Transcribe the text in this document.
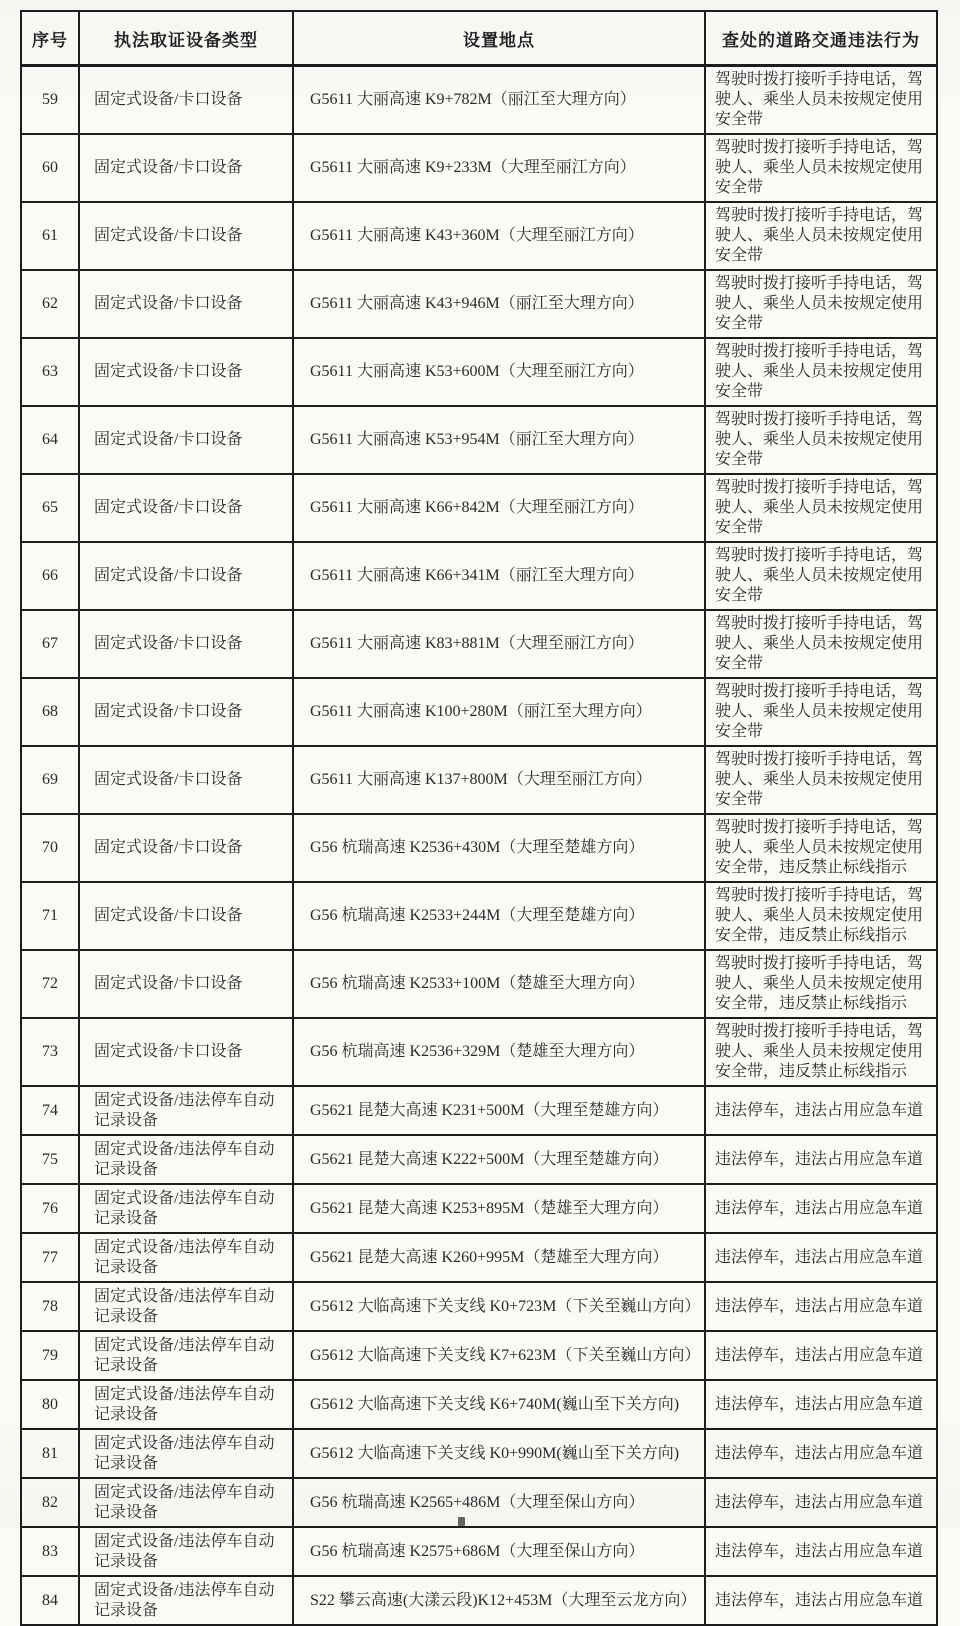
序号	执法取证设备类型	设置地点	查处的道路交通违法行为
59	固定式设备/卡口设备	G5611 大丽高速 K9+782M（丽江至大理方向）	驾驶时拨打接听手持电话，驾驶人、乘坐人员未按规定使用安全带
60	固定式设备/卡口设备	G5611 大丽高速 K9+233M（大理至丽江方向）	驾驶时拨打接听手持电话，驾驶人、乘坐人员未按规定使用安全带
61	固定式设备/卡口设备	G5611 大丽高速 K43+360M（大理至丽江方向）	驾驶时拨打接听手持电话，驾驶人、乘坐人员未按规定使用安全带
62	固定式设备/卡口设备	G5611 大丽高速 K43+946M（丽江至大理方向）	驾驶时拨打接听手持电话，驾驶人、乘坐人员未按规定使用安全带
63	固定式设备/卡口设备	G5611 大丽高速 K53+600M（大理至丽江方向）	驾驶时拨打接听手持电话，驾驶人、乘坐人员未按规定使用安全带
64	固定式设备/卡口设备	G5611 大丽高速 K53+954M（丽江至大理方向）	驾驶时拨打接听手持电话，驾驶人、乘坐人员未按规定使用安全带
65	固定式设备/卡口设备	G5611 大丽高速 K66+842M（大理至丽江方向）	驾驶时拨打接听手持电话，驾驶人、乘坐人员未按规定使用安全带
66	固定式设备/卡口设备	G5611 大丽高速 K66+341M（丽江至大理方向）	驾驶时拨打接听手持电话，驾驶人、乘坐人员未按规定使用安全带
67	固定式设备/卡口设备	G5611 大丽高速 K83+881M（大理至丽江方向）	驾驶时拨打接听手持电话，驾驶人、乘坐人员未按规定使用安全带
68	固定式设备/卡口设备	G5611 大丽高速 K100+280M（丽江至大理方向）	驾驶时拨打接听手持电话，驾驶人、乘坐人员未按规定使用安全带
69	固定式设备/卡口设备	G5611 大丽高速 K137+800M（大理至丽江方向）	驾驶时拨打接听手持电话，驾驶人、乘坐人员未按规定使用安全带
70	固定式设备/卡口设备	G56 杭瑞高速 K2536+430M（大理至楚雄方向）	驾驶时拨打接听手持电话，驾驶人、乘坐人员未按规定使用安全带，违反禁止标线指示
71	固定式设备/卡口设备	G56 杭瑞高速 K2533+244M（大理至楚雄方向）	驾驶时拨打接听手持电话，驾驶人、乘坐人员未按规定使用安全带，违反禁止标线指示
72	固定式设备/卡口设备	G56 杭瑞高速 K2533+100M（楚雄至大理方向）	驾驶时拨打接听手持电话，驾驶人、乘坐人员未按规定使用安全带，违反禁止标线指示
73	固定式设备/卡口设备	G56 杭瑞高速 K2536+329M（楚雄至大理方向）	驾驶时拨打接听手持电话，驾驶人、乘坐人员未按规定使用安全带，违反禁止标线指示
74	固定式设备/违法停车自动记录设备	G5621 昆楚大高速 K231+500M（大理至楚雄方向）	违法停车，违法占用应急车道
75	固定式设备/违法停车自动记录设备	G5621 昆楚大高速 K222+500M（大理至楚雄方向）	违法停车，违法占用应急车道
76	固定式设备/违法停车自动记录设备	G5621 昆楚大高速 K253+895M（楚雄至大理方向）	违法停车，违法占用应急车道
77	固定式设备/违法停车自动记录设备	G5621 昆楚大高速 K260+995M（楚雄至大理方向）	违法停车，违法占用应急车道
78	固定式设备/违法停车自动记录设备	G5612 大临高速下关支线 K0+723M（下关至巍山方向）	违法停车，违法占用应急车道
79	固定式设备/违法停车自动记录设备	G5612 大临高速下关支线 K7+623M（下关至巍山方向）	违法停车，违法占用应急车道
80	固定式设备/违法停车自动记录设备	G5612 大临高速下关支线 K6+740M(巍山至下关方向)	违法停车，违法占用应急车道
81	固定式设备/违法停车自动记录设备	G5612 大临高速下关支线 K0+990M(巍山至下关方向)	违法停车，违法占用应急车道
82	固定式设备/违法停车自动记录设备	G56 杭瑞高速 K2565+486M（大理至保山方向）	违法停车，违法占用应急车道
83	固定式设备/违法停车自动记录设备	G56 杭瑞高速 K2575+686M（大理至保山方向）	违法停车，违法占用应急车道
84	固定式设备/违法停车自动记录设备	S22 攀云高速(大漾云段)K12+453M（大理至云龙方向）	违法停车，违法占用应急车道
